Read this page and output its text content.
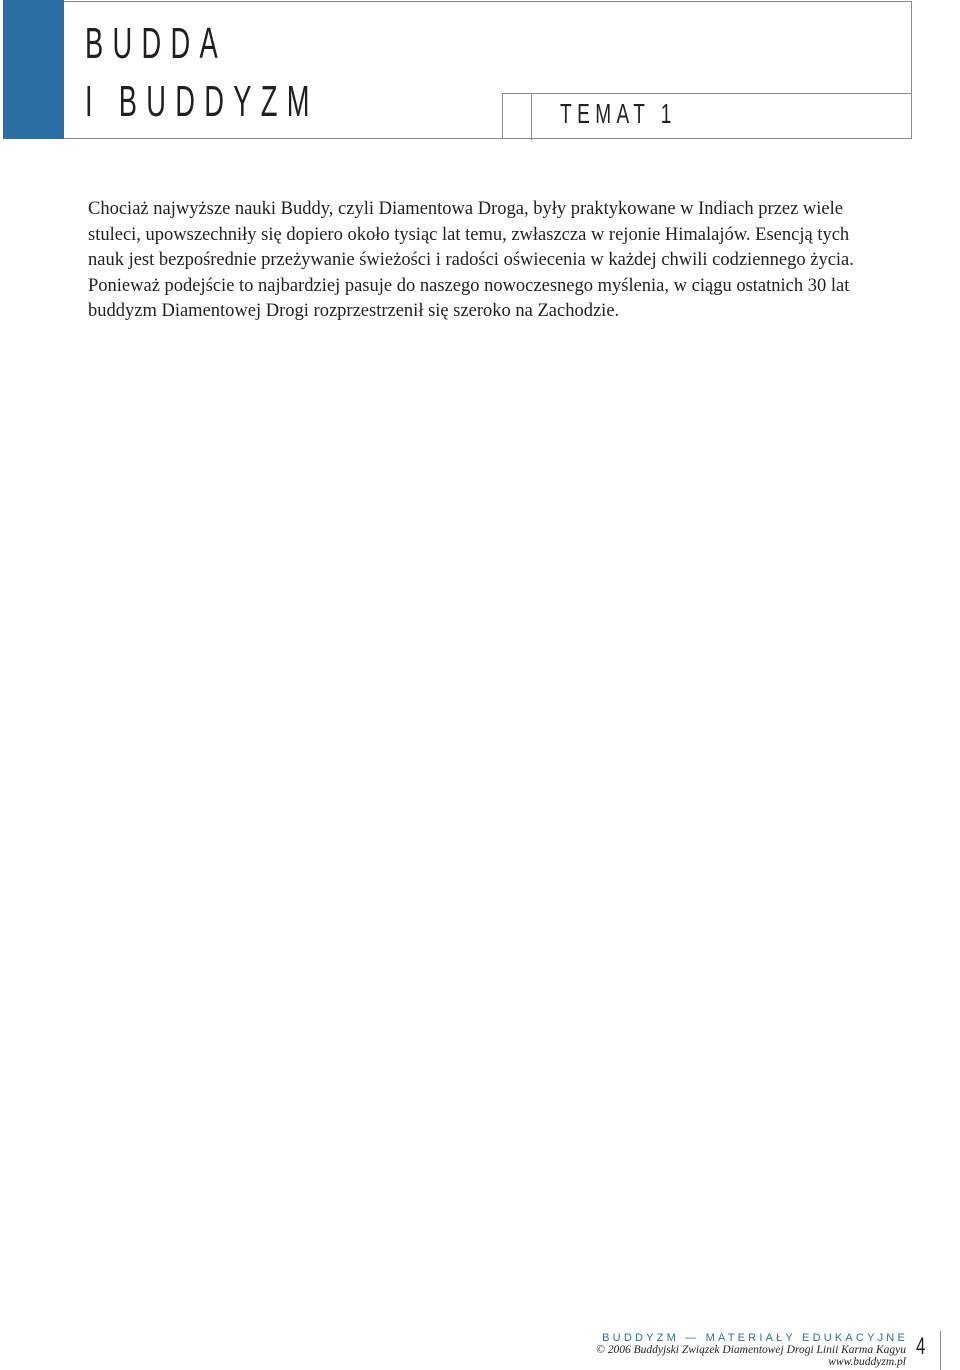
BUDDA
I BUDDYZM	TEMAT 1

Chociaż najwyższe nauki Buddy, czyli Diamentowa Droga, były praktykowane w Indiach przez wiele stuleci, upowszechniły się dopiero około tysiąc lat temu, zwłaszcza w rejonie Himalajów. Esencją tych nauk jest bezpośrednie przeżywanie świeżości i radości oświecenia w każdej chwili codziennego życia. Ponieważ podejście to najbardziej pasuje do naszego nowoczesnego myślenia, w ciągu ostatnich 30 lat buddyzm Diamentowej Drogi rozprzestrzenił się szeroko na Zachodzie.

BUDDYZM — MATERIAŁY EDUKACYJNE
© 2006 Buddyjski Związek Diamentowej Drogi Linii Karma Kagyu
www.buddyzm.pl
4
